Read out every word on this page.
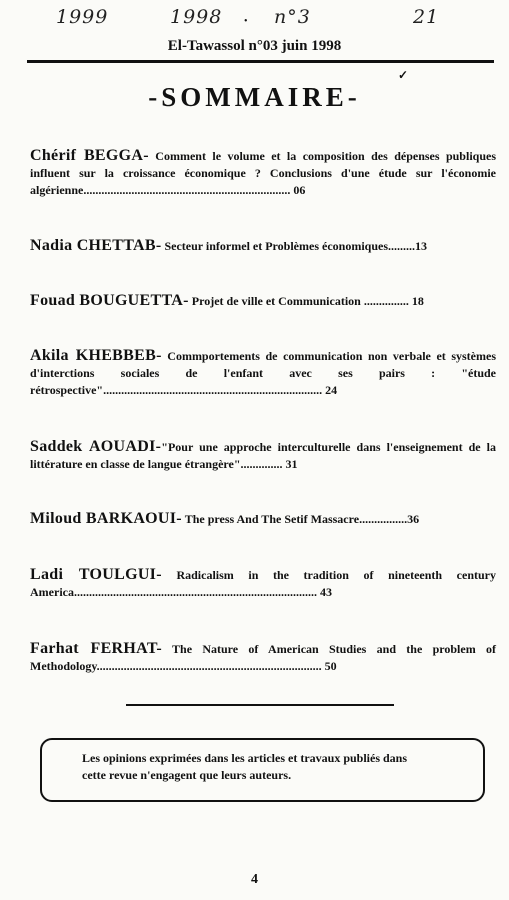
1999	1998 • n°3	21
El-Tawassol n°03 juin 1998
✓
-SOMMAIRE-
Chérif BEGGA- Comment le volume et la composition des dépenses publiques influent sur la croissance économique ? Conclusions d'une étude sur l'économie algérienne..................................................................... 06
Nadia CHETTAB- Secteur informel et Problèmes économiques.........13
Fouad BOUGUETTA- Projet de ville et Communication ............... 18
Akila KHEBBEB- Commportements de communication non verbale et systèmes d'interctions sociales de l'enfant avec ses pairs : "étude rétrospective"......................................................................... 24
Saddek AOUADI-"Pour une approche interculturelle dans l'enseignement de la littérature en classe de langue étrangère".............. 31
Miloud BARKAOUI- The press And The Setif Massacre................36
Ladi TOULGUI- Radicalism in the tradition of nineteenth century America................................................................................. 43
Farhat FERHAT- The Nature of American Studies and the problem of Methodology........................................................................... 50
Les opinions exprimées dans les articles et travaux publiés dans
cette revue n'engagent que leurs auteurs.
4
